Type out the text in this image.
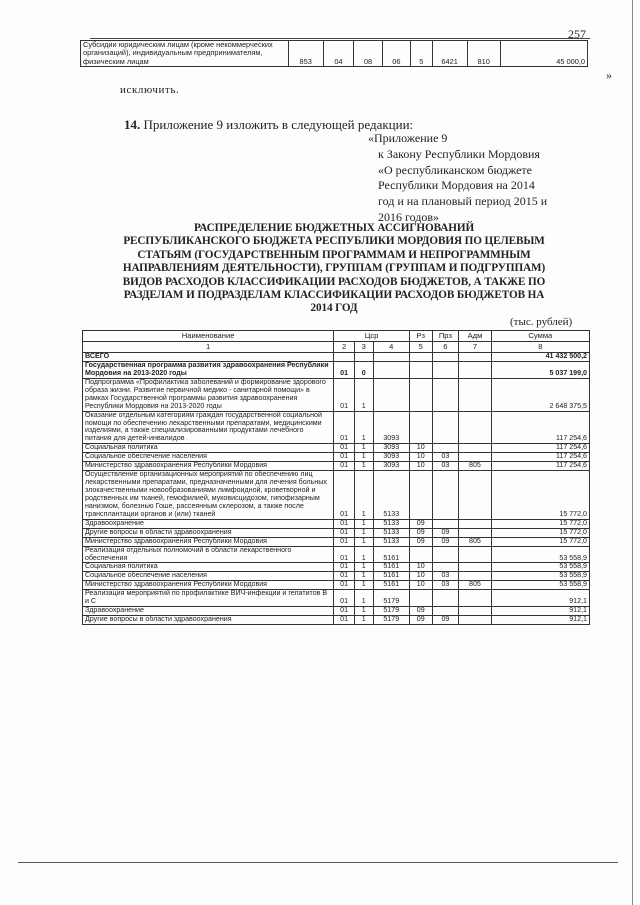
257
Субсидии юридическим лицам (кроме некоммерческих организаций), индивидуальным предпринимателям, физическим лицам	853	04	08	06	5	6421	810	45 000,0
»
исключить.
14. Приложение 9 изложить в следующей редакции:
«Приложение 9
к Закону Республики Мордовия
«О республиканском бюджете
Республики Мордовия на 2014
год и на плановый период 2015 и
2016 годов»
РАСПРЕДЕЛЕНИЕ БЮДЖЕТНЫХ АССИГНОВАНИЙ
РЕСПУБЛИКАНСКОГО БЮДЖЕТА РЕСПУБЛИКИ МОРДОВИЯ ПО ЦЕЛЕВЫМ
СТАТЬЯМ (ГОСУДАРСТВЕННЫМ ПРОГРАММАМ И НЕПРОГРАММНЫМ
НАПРАВЛЕНИЯМ ДЕЯТЕЛЬНОСТИ), ГРУППАМ (ГРУППАМ И ПОДГРУППАМ)
ВИДОВ РАСХОДОВ КЛАССИФИКАЦИИ РАСХОДОВ БЮДЖЕТОВ, А ТАКЖЕ ПО
РАЗДЕЛАМ И ПОДРАЗДЕЛАМ КЛАССИФИКАЦИИ РАСХОДОВ БЮДЖЕТОВ НА
2014 ГОД
(тыс. рублей)
Наименование	Цср			Рз	Прз	Адм	Сумма
1	2	3	4	5	6	7	8
ВСЕГО							41 432 500,2
Государственная программа развития здравоохранения Республики Мордовия на 2013-2020 годы	01	0					5 037 199,0
Подпрограмма «Профилактика заболеваний и формирование здорового образа жизни. Развитие первичной медико - санитарной помощи» в рамках Государственной программы развития здравоохранения Республики Мордовия на 2013-2020 годы	01	1					2 648 375,5
Оказание отдельным категориям граждан государственной социальной помощи по обеспечению лекарственными препаратами, медицинскими изделиями, а также специализированными продуктами лечебного питания для детей-инвалидов	01	1	3093				117 254,6
Социальная политика	01	1	3093	10			117 254,6
Социальное обеспечение населения	01	1	3093	10	03		117 254,6
Министерство здравоохранения Республики Мордовия	01	1	3093	10	03	805	117 254,6
Осуществление организационных мероприятий по обеспечению лиц лекарственными препаратами, предназначенными для лечения больных злокачественными новообразованиями лимфоидной, кроветворной и родственных им тканей, гемофилией, муковисцидозом, гипофизарным нанизмом, болезнью Гоше, рассеянным склерозом, а также после трансплантации органов и (или) тканей	01	1	5133				15 772,0
Здравоохранение	01	1	5133	09			15 772,0
Другие вопросы в области здравоохранения	01	1	5133	09	09		15 772,0
Министерство здравоохранения Республики Мордовия	01	1	5133	09	09	805	15 772,0
Реализация отдельных полномочий в области лекарственного обеспечения	01	1	5161				53 558,9
Социальная политика	01	1	5161	10			53 558,9
Социальное обеспечение населения	01	1	5161	10	03		53 558,9
Министерство здравоохранения Республики Мордовия	01	1	5161	10	03	805	53 558,9
Реализация мероприятий по профилактике ВИЧ-инфекции и гепатитов В и С	01	1	5179				912,1
Здравоохранение	01	1	5179	09			912,1
Другие вопросы в области здравоохранения	01	1	5179	09	09		912,1
